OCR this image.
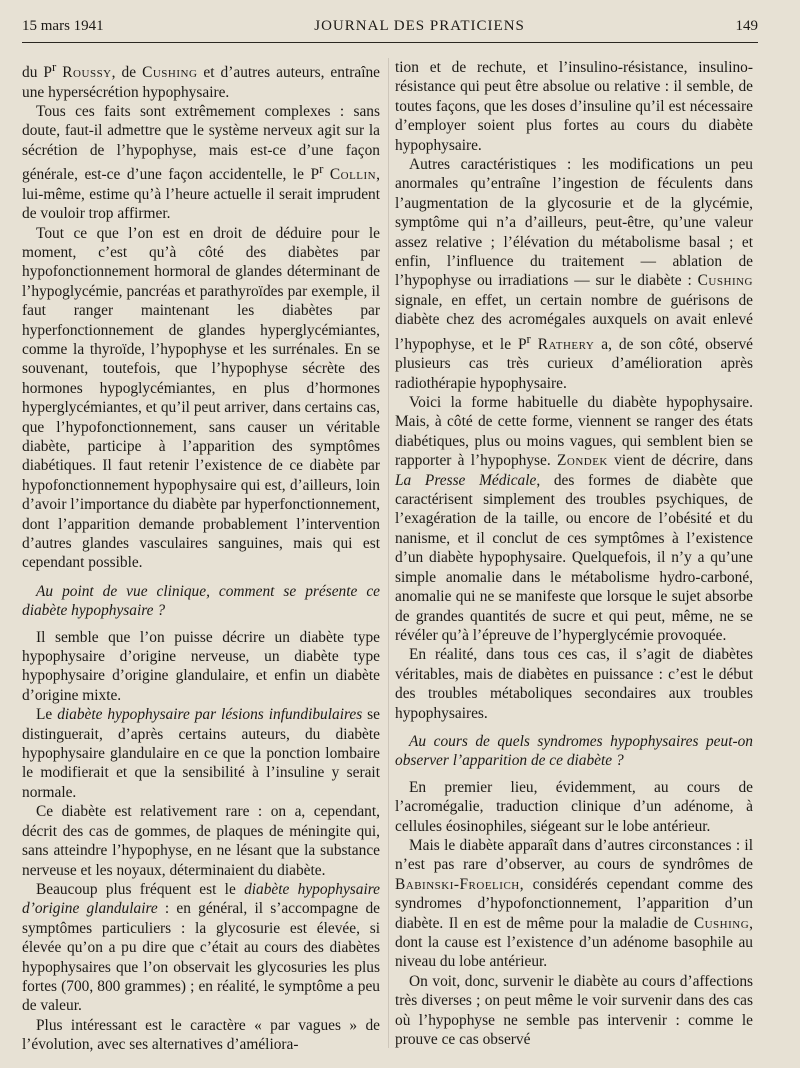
15 mars 1941	JOURNAL DES PRATICIENS	149

du $P^r$ Roussy, de Cushing et d’autres auteurs, entraîne une hypersécrétion hypophysaire.

Tous ces faits sont extrêmement complexes : sans doute, faut-il admettre que le système nerveux agit sur la sécrétion de l’hypophyse, mais est-ce d’une façon générale, est-ce d’une façon accidentelle, le $P^r$ Collin, lui-même, estime qu’à l’heure actuelle il serait imprudent de vouloir trop affirmer.

Tout ce que l’on est en droit de déduire pour le moment, c’est qu’à côté des diabètes par hypofonctionnement hormoral de glandes déterminant de l’hypoglycémie, pancréas et parathyroïdes par exemple, il faut ranger maintenant les diabètes par hyperfonctionnement de glandes hyperglycémiantes, comme la thyroïde, l’hypophyse et les surrénales. En se souvenant, toutefois, que l’hypophyse sécrète des hormones hypoglycémiantes, en plus d’hormones hyperglycémiantes, et qu’il peut arriver, dans certains cas, que l’hypofonctionnement, sans causer un véritable diabète, participe à l’apparition des symptômes diabétiques. Il faut retenir l’existence de ce diabète par hypofonctionnement hypophysaire qui est, d’ailleurs, loin d’avoir l’importance du diabète par hyperfonctionnement, dont l’apparition demande probablement l’intervention d’autres glandes vasculaires sanguines, mais qui est cependant possible.

Au point de vue clinique, comment se présente ce diabète hypophysaire ?

Il semble que l’on puisse décrire un diabète type hypophysaire d’origine nerveuse, un diabète type hypophysaire d’origine glandulaire, et enfin un diabète d’origine mixte.

Le diabète hypophysaire par lésions infundibulaires se distinguerait, d’après certains auteurs, du diabète hypophysaire glandulaire en ce que la ponction lombaire le modifierait et que la sensibilité à l’insuline y serait normale.

Ce diabète est relativement rare : on a, cependant, décrit des cas de gommes, de plaques de méningite qui, sans atteindre l’hypophyse, en ne lésant que la substance nerveuse et les noyaux, déterminaient du diabète.

Beaucoup plus fréquent est le diabète hypophysaire d’origine glandulaire : en général, il s’accompagne de symptômes particuliers : la glycosurie est élevée, si élevée qu’on a pu dire que c’était au cours des diabètes hypophysaires que l’on observait les glycosuries les plus fortes (700, 800 grammes) ; en réalité, le symptôme a peu de valeur.

Plus intéressant est le caractère « par vagues » de l’évolution, avec ses alternatives d’améliora-

tion et de rechute, et l’insulino-résistance, insulino-résistance qui peut être absolue ou relative : il semble, de toutes façons, que les doses d’insuline qu’il est nécessaire d’employer soient plus fortes au cours du diabète hypophysaire.

Autres caractéristiques : les modifications un peu anormales qu’entraîne l’ingestion de féculents dans l’augmentation de la glycosurie et de la glycémie, symptôme qui n’a d’ailleurs, peut-être, qu’une valeur assez relative ; l’élévation du métabolisme basal ; et enfin, l’influence du traitement — ablation de l’hypophyse ou irradiations — sur le diabète : Cushing signale, en effet, un certain nombre de guérisons de diabète chez des acromégales auxquels on avait enlevé l’hypophyse, et le $P^r$ Rathery a, de son côté, observé plusieurs cas très curieux d’amélioration après radiothérapie hypophysaire.

Voici la forme habituelle du diabète hypophysaire. Mais, à côté de cette forme, viennent se ranger des états diabétiques, plus ou moins vagues, qui semblent bien se rapporter à l’hypophyse. Zondek vient de décrire, dans La Presse Médicale, des formes de diabète que caractérisent simplement des troubles psychiques, de l’exagération de la taille, ou encore de l’obésité et du nanisme, et il conclut de ces symptômes à l’existence d’un diabète hypophysaire. Quelquefois, il n’y a qu’une simple anomalie dans le métabolisme hydro-carboné, anomalie qui ne se manifeste que lorsque le sujet absorbe de grandes quantités de sucre et qui peut, même, ne se révéler qu’à l’épreuve de l’hyperglycémie provoquée.

En réalité, dans tous ces cas, il s’agit de diabètes véritables, mais de diabètes en puissance : c’est le début des troubles métaboliques secondaires aux troubles hypophysaires.

Au cours de quels syndromes hypophysaires peut-on observer l’apparition de ce diabète ?

En premier lieu, évidemment, au cours de l’acromégalie, traduction clinique d’un adénome, à cellules éosinophiles, siégeant sur le lobe antérieur.

Mais le diabète apparaît dans d’autres circonstances : il n’est pas rare d’observer, au cours de syndrômes de Babinski-Froelich, considérés cependant comme des syndromes d’hypofonctionnement, l’apparition d’un diabète. Il en est de même pour la maladie de Cushing, dont la cause est l’existence d’un adénome basophile au niveau du lobe antérieur.

On voit, donc, survenir le diabète au cours d’affections très diverses ; on peut même le voir survenir dans des cas où l’hypophyse ne semble pas intervenir : comme le prouve ce cas observé
